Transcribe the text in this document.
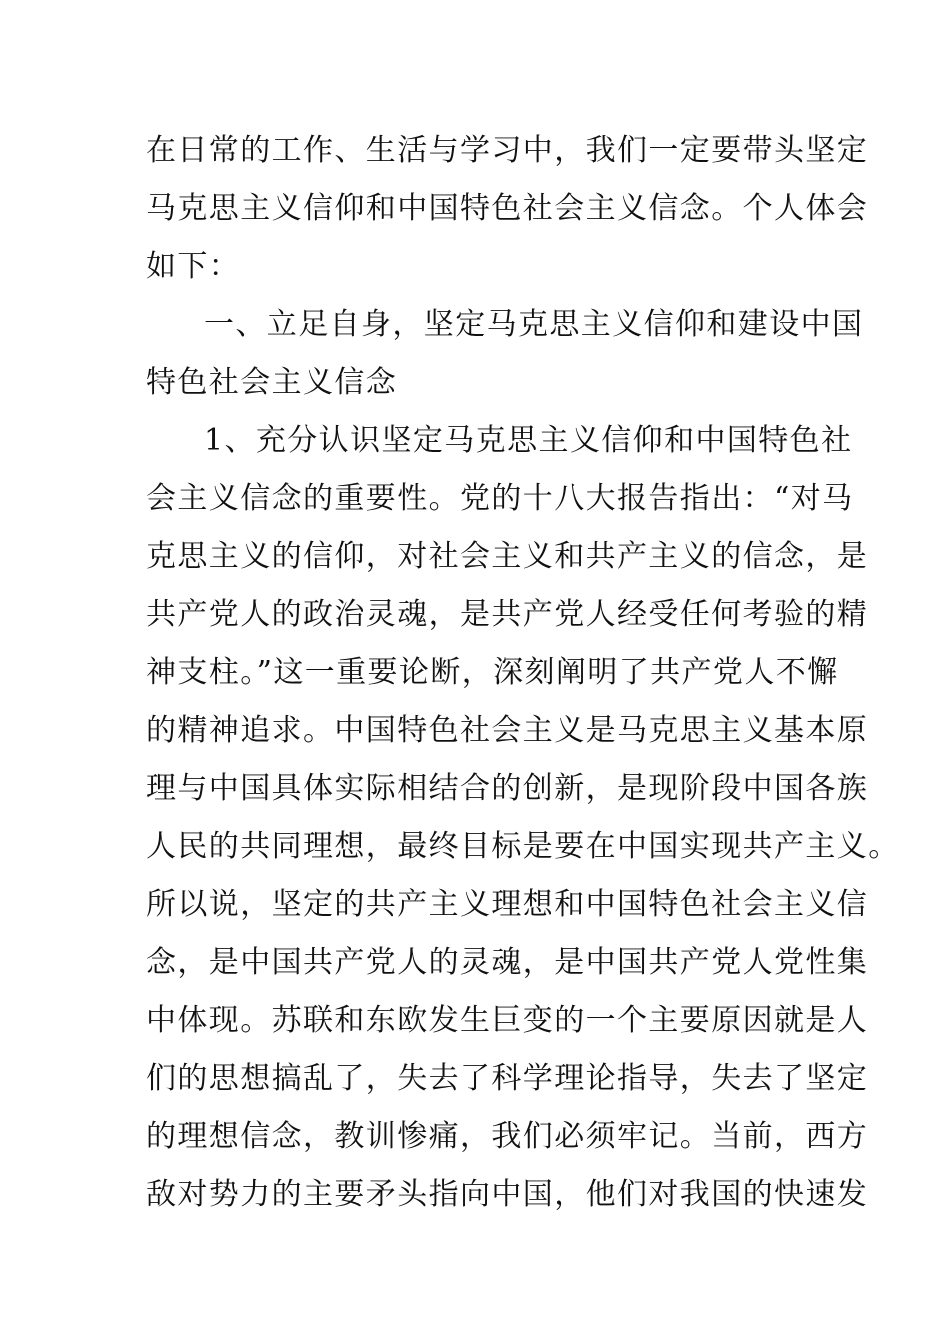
在日常的工作、生活与学习中，我们一定要带头坚定
马克思主义信仰和中国特色社会主义信念。个人体会
如下：
一、立足自身，坚定马克思主义信仰和建设中国
特色社会主义信念
1、充分认识坚定马克思主义信仰和中国特色社
会主义信念的重要性。党的十八大报告指出：“对马
克思主义的信仰，对社会主义和共产主义的信念，是
共产党人的政治灵魂，是共产党人经受任何考验的精
神支柱。”这一重要论断，深刻阐明了共产党人不懈
的精神追求。中国特色社会主义是马克思主义基本原
理与中国具体实际相结合的创新，是现阶段中国各族
人民的共同理想，最终目标是要在中国实现共产主义。
所以说，坚定的共产主义理想和中国特色社会主义信
念，是中国共产党人的灵魂，是中国共产党人党性集
中体现。苏联和东欧发生巨变的一个主要原因就是人
们的思想搞乱了，失去了科学理论指导，失去了坚定
的理想信念，教训惨痛，我们必须牢记。当前，西方
敌对势力的主要矛头指向中国，他们对我国的快速发
